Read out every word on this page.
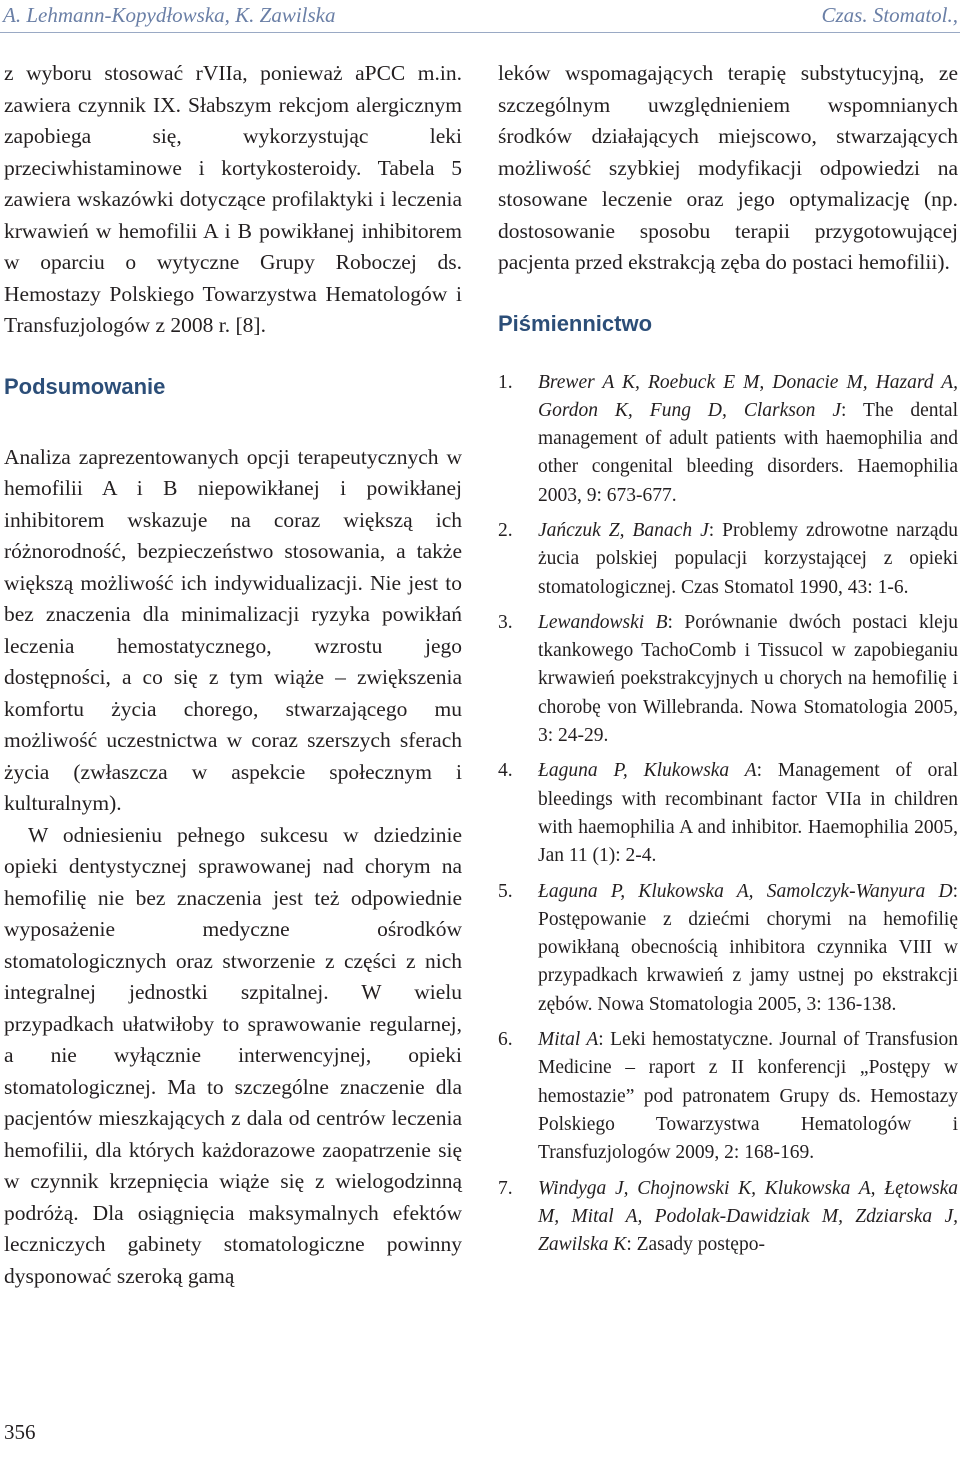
A. Lehmann-Kopydłowska, K. Zawilska	Czas. Stomatol.,

z wyboru stosować rVIIa, ponieważ aPCC m.in. zawiera czynnik IX. Słabszym rekcjom alergicznym zapobiega się, wykorzystując leki przeciwhistaminowe i kortykosteroidy. Tabela 5 zawiera wskazówki dotyczące profilaktyki i leczenia krwawień w hemofilii A i B powikłanej inhibitorem w oparciu o wytyczne Grupy Roboczej ds. Hemostazy Polskiego Towarzystwa Hematologów i Transfuzjologów z 2008 r. [8].

Podsumowanie

Analiza zaprezentowanych opcji terapeutycznych w hemofilii A i B niepowikłanej i powikłanej inhibitorem wskazuje na coraz większą ich różnorodność, bezpieczeństwo stosowania, a także większą możliwość ich indywidualizacji. Nie jest to bez znaczenia dla minimalizacji ryzyka powikłań leczenia hemostatycznego, wzrostu jego dostępności, a co się z tym wiąże – zwiększenia komfortu życia chorego, stwarzającego mu możliwość uczestnictwa w coraz szerszych sferach życia (zwłaszcza w aspekcie społecznym i kulturalnym).

W odniesieniu pełnego sukcesu w dziedzinie opieki dentystycznej sprawowanej nad chorym na hemofilię nie bez znaczenia jest też odpowiednie wyposażenie medyczne ośrodków stomatologicznych oraz stworzenie z części z nich integralnej jednostki szpitalnej. W wielu przypadkach ułatwiłoby to sprawowanie regularnej, a nie wyłącznie interwencyjnej, opieki stomatologicznej. Ma to szczególne znaczenie dla pacjentów mieszkających z dala od centrów leczenia hemofilii, dla których każdorazowe zaopatrzenie się w czynnik krzepnięcia wiąże się z wielogodzinną podróżą. Dla osiągnięcia maksymalnych efektów leczniczych gabinety stomatologiczne powinny dysponować szeroką gamą

leków wspomagających terapię substytucyjną, ze szczególnym uwzględnieniem wspomnianych środków działających miejscowo, stwarzających możliwość szybkiej modyfikacji odpowiedzi na stosowane leczenie oraz jego optymalizację (np. dostosowanie sposobu terapii przygotowującej pacjenta przed ekstrakcją zęba do postaci hemofilii).

Piśmiennictwo
1. Brewer A K, Roebuck E M, Donacie M, Hazard A, Gordon K, Fung D, Clarkson J: The dental management of adult patients with haemophilia and other congenital bleeding disorders. Haemophilia 2003, 9: 673-677.
2. Jańczuk Z, Banach J: Problemy zdrowotne narządu żucia polskiej populacji korzystającej z opieki stomatologicznej. Czas Stomatol 1990, 43: 1-6.
3. Lewandowski B: Porównanie dwóch postaci kleju tkankowego TachoComb i Tissucol w zapobieganiu krwawień poekstrakcyjnych u chorych na hemofilię i chorobę von Willebranda. Nowa Stomatologia 2005, 3: 24-29.
4. Łaguna P, Klukowska A: Management of oral bleedings with recombinant factor VIIa in children with haemophilia A and inhibitor. Haemophilia 2005, Jan 11 (1): 2-4.
5. Łaguna P, Klukowska A, Samolczyk-Wanyura D: Postępowanie z dziećmi chorymi na hemofilię powikłaną obecnością inhibitora czynnika VIII w przypadkach krwawień z jamy ustnej po ekstrakcji zębów. Nowa Stomatologia 2005, 3: 136-138.
6. Mital A: Leki hemostatyczne. Journal of Transfusion Medicine – raport z II konferencji „Postępy w hemostazie” pod patronatem Grupy ds. Hemostazy Polskiego Towarzystwa Hematologów i Transfuzjologów 2009, 2: 168-169.
7. Windyga J, Chojnowski K, Klukowska A, Łętowska M, Mital A, Podolak-Dawidziak M, Zdziarska J, Zawilska K: Zasady postępo-
356
